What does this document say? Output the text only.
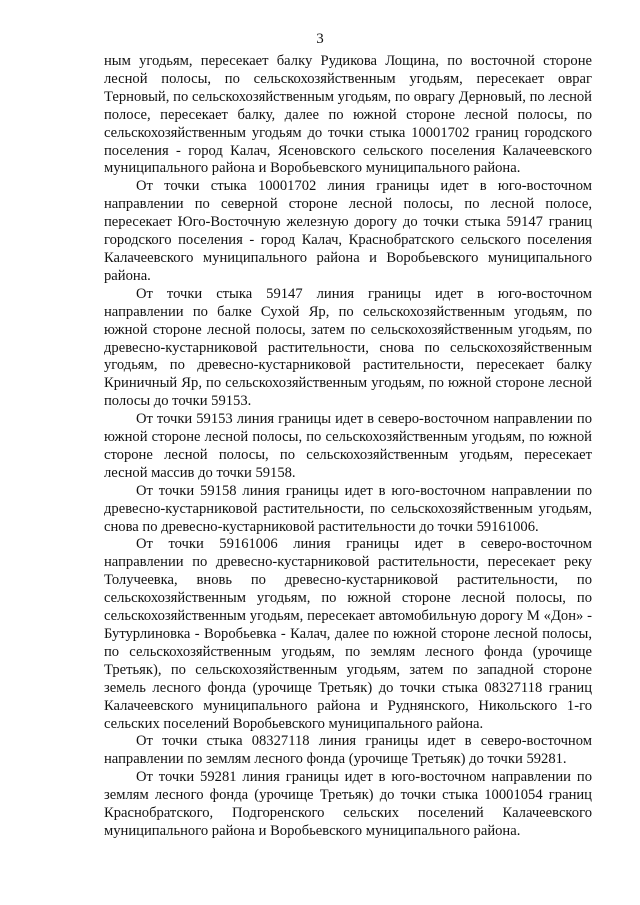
3

ным угодьям, пересекает балку Рудикова Лощина, по восточной стороне лесной полосы, по сельскохозяйственным угодьям, пересекает овраг Терновый, по сельскохозяйственным угодьям, по оврагу Дерновый, по лесной полосе, пересекает балку, далее по южной стороне лесной полосы, по сельскохозяйственным угодьям до точки стыка 10001702 границ городского поселения - город Калач, Ясеновского сельского поселения Калачеевского муниципального района и Воробьевского муниципального района.

От точки стыка 10001702 линия границы идет в юго-восточном направлении по северной стороне лесной полосы, по лесной полосе, пересекает Юго-Восточную железную дорогу до точки стыка 59147 границ городского поселения - город Калач, Краснобратского сельского поселения Калачеевского муниципального района и Воробьевского муниципального района.

От точки стыка 59147 линия границы идет в юго-восточном направлении по балке Сухой Яр, по сельскохозяйственным угодьям, по южной стороне лесной полосы, затем по сельскохозяйственным угодьям, по древесно-кустарниковой растительности, снова по сельскохозяйственным угодьям, по древесно-кустарниковой растительности, пересекает балку Криничный Яр, по сельскохозяйственным угодьям, по южной стороне лесной полосы до точки 59153.

От точки 59153 линия границы идет в северо-восточном направлении по южной стороне лесной полосы, по сельскохозяйственным угодьям, по южной стороне лесной полосы, по сельскохозяйственным угодьям, пересекает лесной массив до точки 59158.

От точки 59158 линия границы идет в юго-восточном направлении по древесно-кустарниковой растительности, по сельскохозяйственным угодьям, снова по древесно-кустарниковой растительности до точки 59161006.

От точки 59161006 линия границы идет в северо-восточном направлении по древесно-кустарниковой растительности, пересекает реку Толучеевка, вновь по древесно-кустарниковой растительности, по сельскохозяйственным угодьям, по южной стороне лесной полосы, по сельскохозяйственным угодьям, пересекает автомобильную дорогу М «Дон» - Бутурлиновка - Воробьевка - Калач, далее по южной стороне лесной полосы, по сельскохозяйственным угодьям, по землям лесного фонда (урочище Третьяк), по сельскохозяйственным угодьям, затем по западной стороне земель лесного фонда (урочище Третьяк) до точки стыка 08327118 границ Калачеевского муниципального района и Руднянского, Никольского 1-го сельских поселений Воробьевского муниципального района.

От точки стыка 08327118 линия границы идет в северо-восточном направлении по землям лесного фонда (урочище Третьяк) до точки 59281.

От точки 59281 линия границы идет в юго-восточном направлении по землям лесного фонда (урочище Третьяк) до точки стыка 10001054 границ Краснобратского, Подгоренского сельских поселений Калачеевского муниципального района и Воробьевского муниципального района.
